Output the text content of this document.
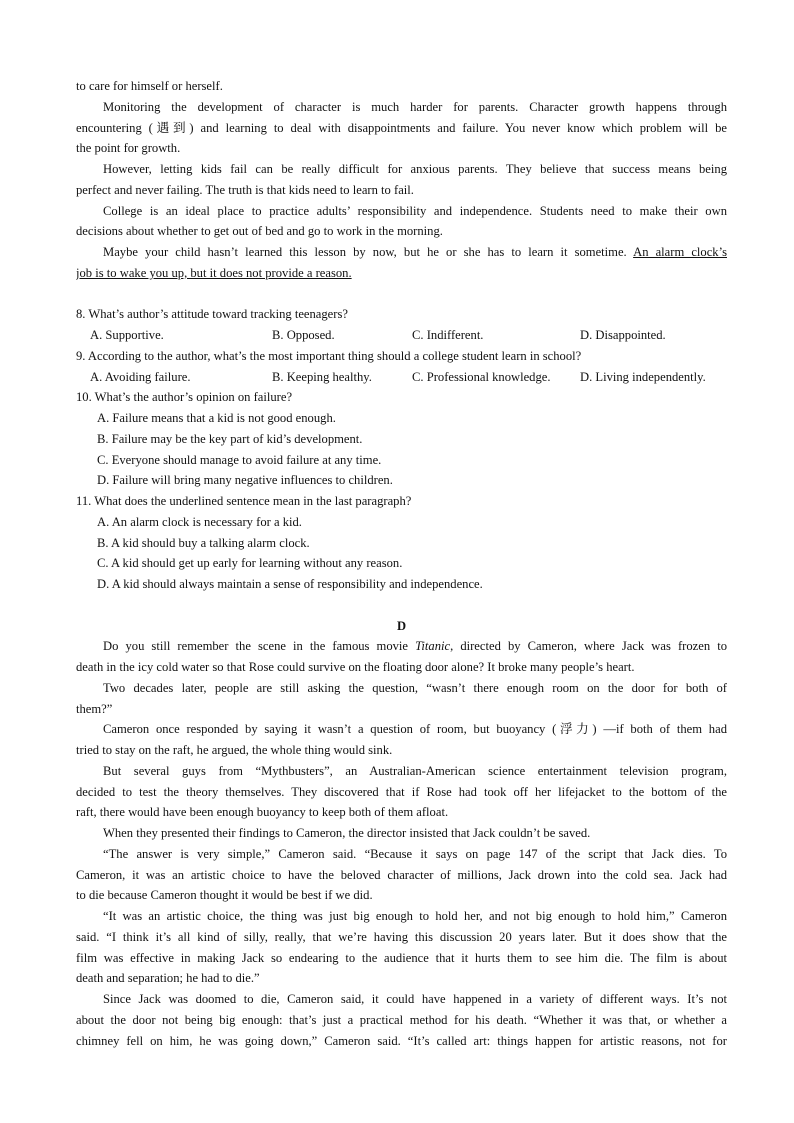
to care for himself or herself.
Monitoring the development of character is much harder for parents. Character growth happens through
encountering (遇到) and learning to deal with disappointments and failure. You never know which problem will be
the point for growth.
However, letting kids fail can be really difficult for anxious parents. They believe that success means being
perfect and never failing. The truth is that kids need to learn to fail.
College is an ideal place to practice adults’ responsibility and independence. Students need to make their own
decisions about whether to get out of bed and go to work in the morning.
Maybe your child hasn’t learned this lesson by now, but he or she has to learn it sometime. An alarm clock’s
job is to wake you up, but it does not provide a reason.
8. What’s author’s attitude toward tracking teenagers?
A. Supportive.	B. Opposed.	C. Indifferent.	D. Disappointed.
9. According to the author, what’s the most important thing should a college student learn in school?
A. Avoiding failure.	B. Keeping healthy.	C. Professional knowledge. D. Living independently.
10. What’s the author’s opinion on failure?
A. Failure means that a kid is not good enough.
B. Failure may be the key part of kid’s development.
C. Everyone should manage to avoid failure at any time.
D. Failure will bring many negative influences to children.
11. What does the underlined sentence mean in the last paragraph?
A. An alarm clock is necessary for a kid.
B. A kid should buy a talking alarm clock.
C. A kid should get up early for learning without any reason.
D. A kid should always maintain a sense of responsibility and independence.
D
Do you still remember the scene in the famous movie Titanic, directed by Cameron, where Jack was frozen to
death in the icy cold water so that Rose could survive on the floating door alone? It broke many people’s heart.
Two decades later, people are still asking the question, “wasn’t there enough room on the door for both of
them?”
Cameron once responded by saying it wasn’t a question of room, but buoyancy (浮力) —if both of them had
tried to stay on the raft, he argued, the whole thing would sink.
But several guys from “Mythbusters”, an Australian-American science entertainment television program,
decided to test the theory themselves. They discovered that if Rose had took off her lifejacket to the bottom of the
raft, there would have been enough buoyancy to keep both of them afloat.
When they presented their findings to Cameron, the director insisted that Jack couldn’t be saved.
“The answer is very simple,” Cameron said. “Because it says on page 147 of the script that Jack dies. To
Cameron, it was an artistic choice to have the beloved character of millions, Jack drown into the cold sea. Jack had
to die because Cameron thought it would be best if we did.
“It was an artistic choice, the thing was just big enough to hold her, and not big enough to hold him,” Cameron
said. “I think it’s all kind of silly, really, that we’re having this discussion 20 years later. But it does show that the
film was effective in making Jack so endearing to the audience that it hurts them to see him die. The film is about
death and separation; he had to die.”
Since Jack was doomed to die, Cameron said, it could have happened in a variety of different ways. It’s not
about the door not being big enough: that’s just a practical method for his death. “Whether it was that, or whether a
chimney fell on him, he was going down,” Cameron said. “It’s called art: things happen for artistic reasons, not for
